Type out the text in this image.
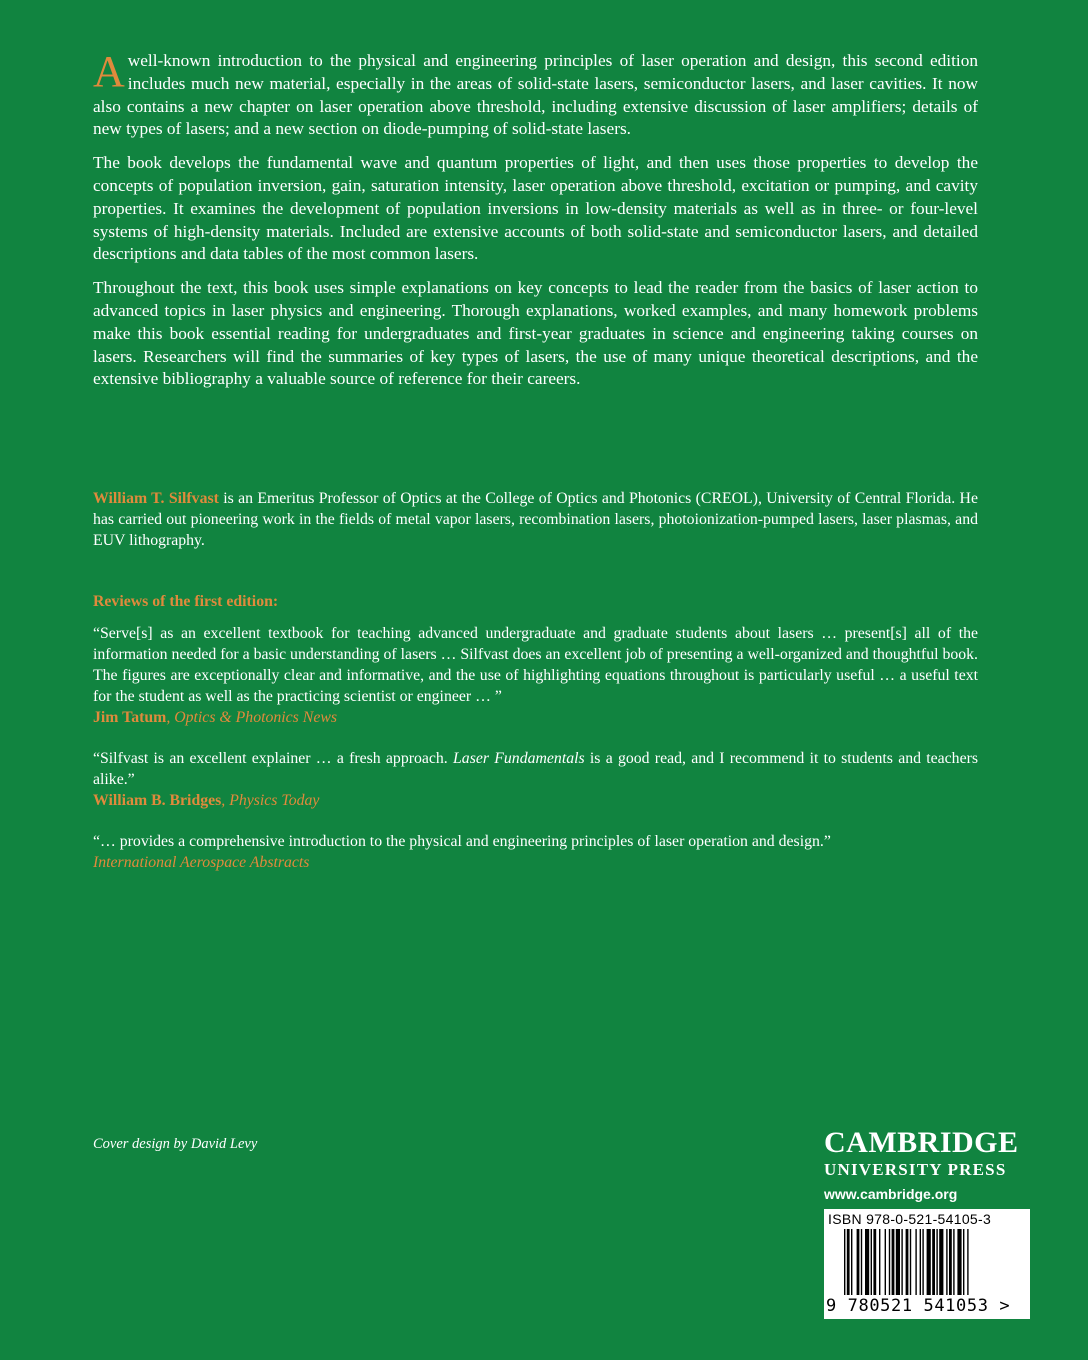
Awell-known introduction to the physical and engineering principles of laser operation and design, this second edition includes much new material, especially in the areas of solid-state lasers, semiconductor lasers, and laser cavities. It now also contains a new chapter on laser operation above threshold, including extensive discussion of laser amplifiers; details of new types of lasers; and a new section on diode-pumping of solid-state lasers.

The book develops the fundamental wave and quantum properties of light, and then uses those properties to develop the concepts of population inversion, gain, saturation intensity, laser operation above threshold, excitation or pumping, and cavity properties. It examines the development of population inversions in low-density materials as well as in three- or four-level systems of high-density materials. Included are extensive accounts of both solid-state and semiconductor lasers, and detailed descriptions and data tables of the most common lasers.

Throughout the text, this book uses simple explanations on key concepts to lead the reader from the basics of laser action to advanced topics in laser physics and engineering. Thorough explanations, worked examples, and many homework problems make this book essential reading for undergraduates and first-year graduates in science and engineering taking courses on lasers. Researchers will find the summaries of key types of lasers, the use of many unique theoretical descriptions, and the extensive bibliography a valuable source of reference for their careers.

William T. Silfvast is an Emeritus Professor of Optics at the College of Optics and Photonics (CREOL), University of Central Florida. He has carried out pioneering work in the fields of metal vapor lasers, recombination lasers, photoionization-pumped lasers, laser plasmas, and EUV lithography.
Reviews of the first edition:
“Serve[s] as an excellent textbook for teaching advanced undergraduate and graduate students about lasers … present[s] all of the information needed for a basic understanding of lasers … Silfvast does an excellent job of presenting a well-organized and thoughtful book. The figures are exceptionally clear and informative, and the use of highlighting equations throughout is particularly useful … a useful text for the student as well as the practicing scientist or engineer … ”
Jim Tatum, Optics & Photonics News
“Silfvast is an excellent explainer … a fresh approach. Laser Fundamentals is a good read, and I recommend it to students and teachers alike.”
William B. Bridges, Physics Today
“… provides a comprehensive introduction to the physical and engineering principles of laser operation and design.”
International Aerospace Abstracts
Cover design by David Levy	CAMBRIDGE
UNIVERSITY PRESS
www.cambridge.org
ISBN 978-0-521-54105-3
9 780521 541053 >
